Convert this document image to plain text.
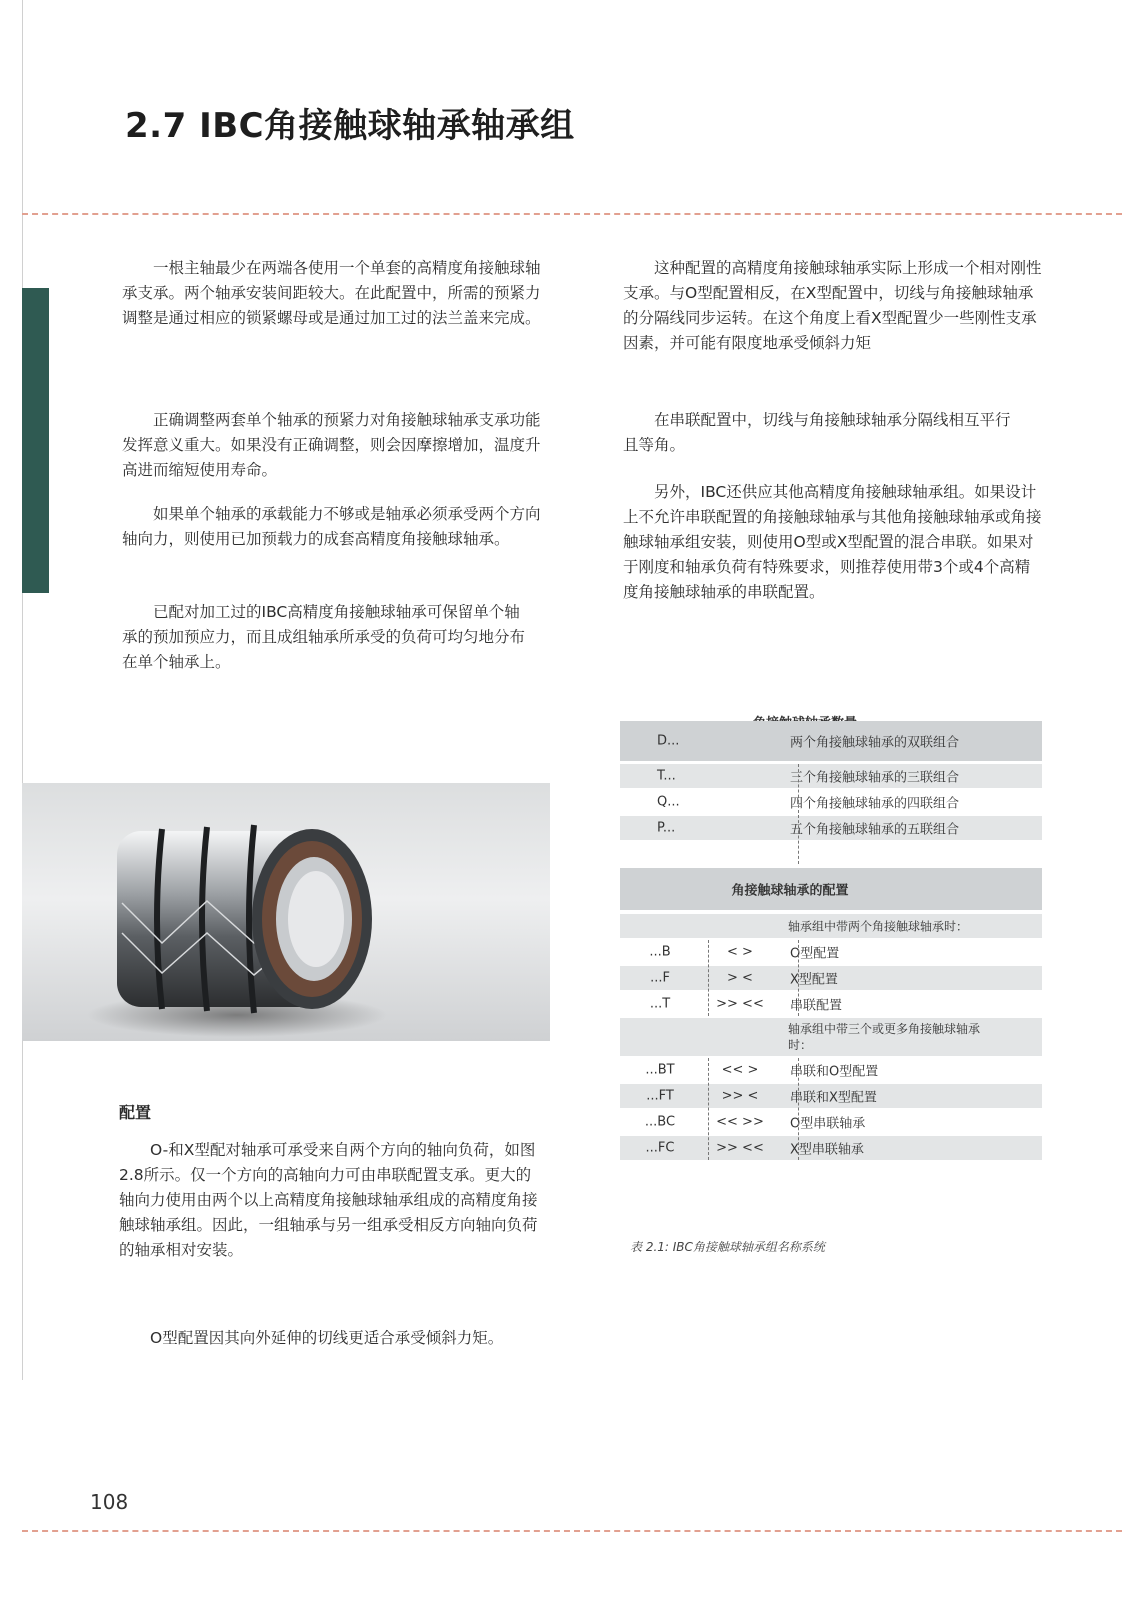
2.7 IBC角接触球轴承轴承组

一根主轴最少在两端各使用一个单套的高精度角接触球轴承支承。两个轴承安装间距较大。在此配置中，所需的预紧力调整是通过相应的锁紧螺母或是通过加工过的法兰盖来完成。

正确调整两套单个轴承的预紧力对角接触球轴承支承功能发挥意义重大。如果没有正确调整，则会因摩擦增加，温度升高进而缩短使用寿命。

如果单个轴承的承载能力不够或是轴承必须承受两个方向轴向力，则使用已加预载力的成套高精度角接触球轴承。

已配对加工过的IBC高精度角接触球轴承可保留单个轴承的预加预应力，而且成组轴承所承受的负荷可均匀地分布在单个轴承上。

配置

O-和X型配对轴承可承受来自两个方向的轴向负荷，如图2.8所示。仅一个方向的高轴向力可由串联配置支承。更大的轴向力使用由两个以上高精度角接触球轴承组成的高精度角接触球轴承组。因此，一组轴承与另一组承受相反方向轴向负荷的轴承相对安装。

O型配置因其向外延伸的切线更适合承受倾斜力矩。

这种配置的高精度角接触球轴承实际上形成一个相对刚性支承。与O型配置相反，在X型配置中，切线与角接触球轴承的分隔线同步运转。在这个角度上看X型配置少一些刚性支承因素，并可能有限度地承受倾斜力矩

在串联配置中，切线与角接触球轴承分隔线相互平行且等角。

另外，IBC还供应其他高精度角接触球轴承组。如果设计上不允许串联配置的角接触球轴承与其他角接触球轴承或角接触球轴承组安装，则使用O型或X型配置的混合串联。如果对于刚度和轴承负荷有特殊要求，则推荐使用带3个或4个高精度角接触球轴承的串联配置。

D...	两个角接触球轴承的双联组合
T...	三个角接触球轴承的三联组合
Q...	四个角接触球轴承的四联组合
P...	五个角接触球轴承的五联组合
角接触球轴承的配置
轴承组中带两个角接触球轴承时：
...B	< >	O型配置
...F	> <	X型配置
...T	>> <<	串联配置
轴承组中带三个或更多角接触球轴承
时：
...BT	<< >	串联和O型配置
...FT	>> <	串联和X型配置
...BC	<< >>	O型串联轴承
...FC	>> <<	X型串联轴承
表 2.1: IBC角接触球轴承组名称系统
108
